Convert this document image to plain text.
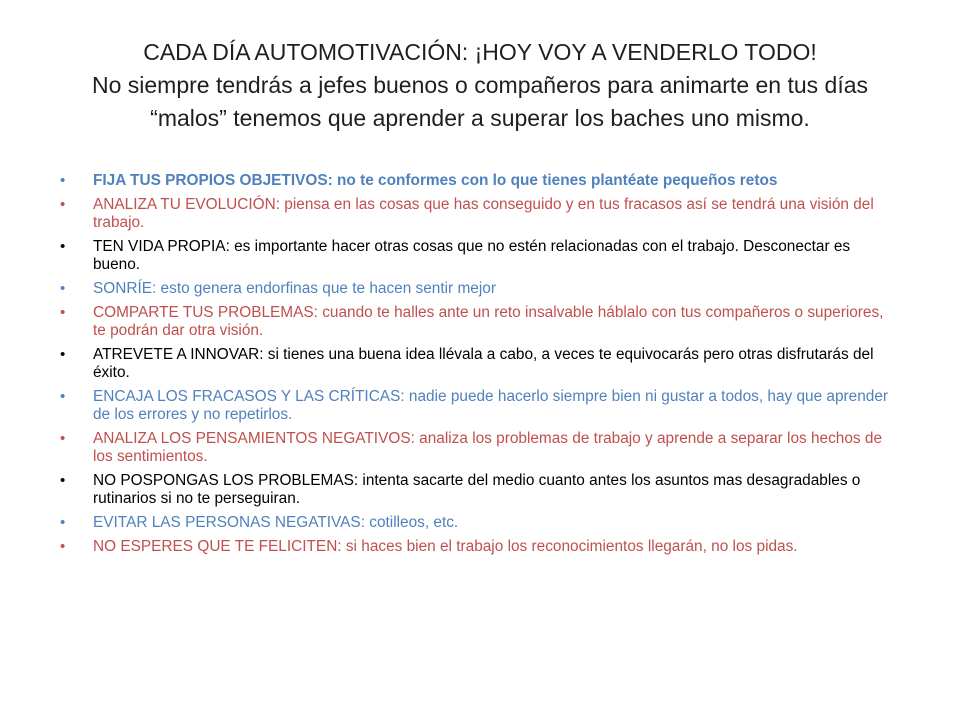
CADA DÍA AUTOMOTIVACIÓN: ¡HOY VOY A VENDERLO TODO!
No siempre tendrás a jefes buenos o compañeros para animarte en tus días
“malos” tenemos que aprender a superar los baches uno mismo.
• FIJA TUS PROPIOS OBJETIVOS: no te conformes con lo que tienes plantéate pequeños retos
• ANALIZA TU EVOLUCIÓN: piensa en las cosas que has conseguido y en tus fracasos así se tendrá una visión del trabajo.
• TEN VIDA PROPIA: es importante hacer otras cosas que no estén relacionadas con el trabajo. Desconectar es bueno.
• SONRÍE: esto genera endorfinas que te hacen sentir mejor
• COMPARTE TUS PROBLEMAS: cuando te halles ante un reto insalvable háblalo con tus compañeros o superiores, te podrán dar otra visión.
• ATREVETE A INNOVAR: si tienes una buena idea llévala a cabo, a veces te equivocarás pero otras disfrutarás del éxito.
• ENCAJA LOS FRACASOS Y LAS CRÍTICAS: nadie puede hacerlo siempre bien ni gustar a todos, hay que aprender de los errores y no repetirlos.
• ANALIZA LOS PENSAMIENTOS NEGATIVOS: analiza los problemas de trabajo y aprende a separar los hechos de los sentimientos.
• NO POSPONGAS LOS PROBLEMAS: intenta sacarte del medio cuanto antes los asuntos mas desagradables o rutinarios si no te perseguiran.
• EVITAR LAS PERSONAS NEGATIVAS: cotilleos, etc.
• NO ESPERES QUE TE FELICITEN: si haces bien el trabajo los reconocimientos llegarán, no los pidas.
